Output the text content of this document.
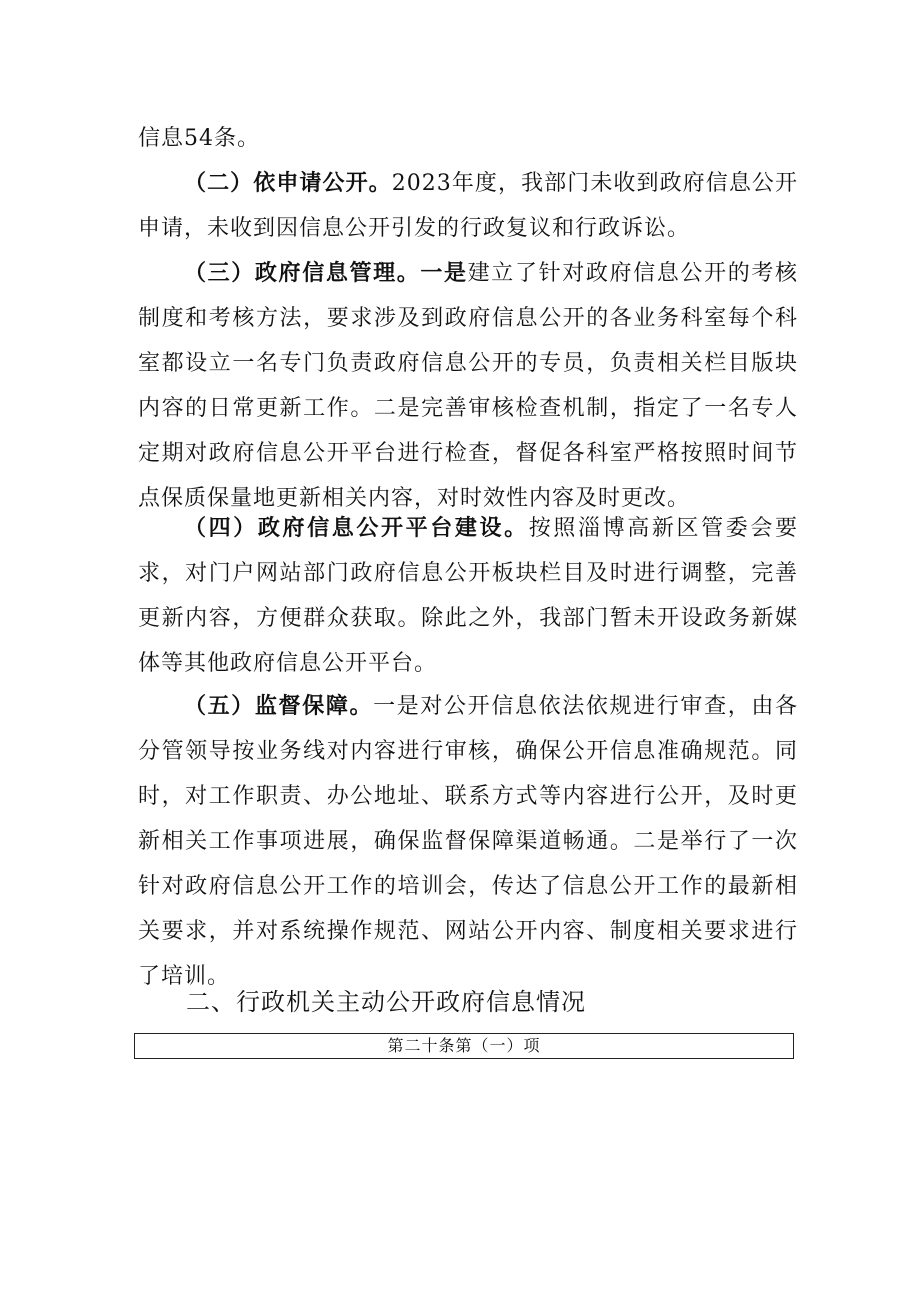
信息54条。

（二）依申请公开。2023年度，我部门未收到政府信息公开申请，未收到因信息公开引发的行政复议和行政诉讼。

（三）政府信息管理。一是建立了针对政府信息公开的考核制度和考核方法，要求涉及到政府信息公开的各业务科室每个科室都设立一名专门负责政府信息公开的专员，负责相关栏目版块内容的日常更新工作。二是完善审核检查机制，指定了一名专人定期对政府信息公开平台进行检查，督促各科室严格按照时间节点保质保量地更新相关内容，对时效性内容及时更改。

（四）政府信息公开平台建设。按照淄博高新区管委会要求，对门户网站部门政府信息公开板块栏目及时进行调整，完善更新内容，方便群众获取。除此之外，我部门暂未开设政务新媒体等其他政府信息公开平台。

（五）监督保障。一是对公开信息依法依规进行审查，由各分管领导按业务线对内容进行审核，确保公开信息准确规范。同时，对工作职责、办公地址、联系方式等内容进行公开，及时更新相关工作事项进展，确保监督保障渠道畅通。二是举行了一次针对政府信息公开工作的培训会，传达了信息公开工作的最新相关要求，并对系统操作规范、网站公开内容、制度相关要求进行了培训。

二、行政机关主动公开政府信息情况
第二十条第（一）项
